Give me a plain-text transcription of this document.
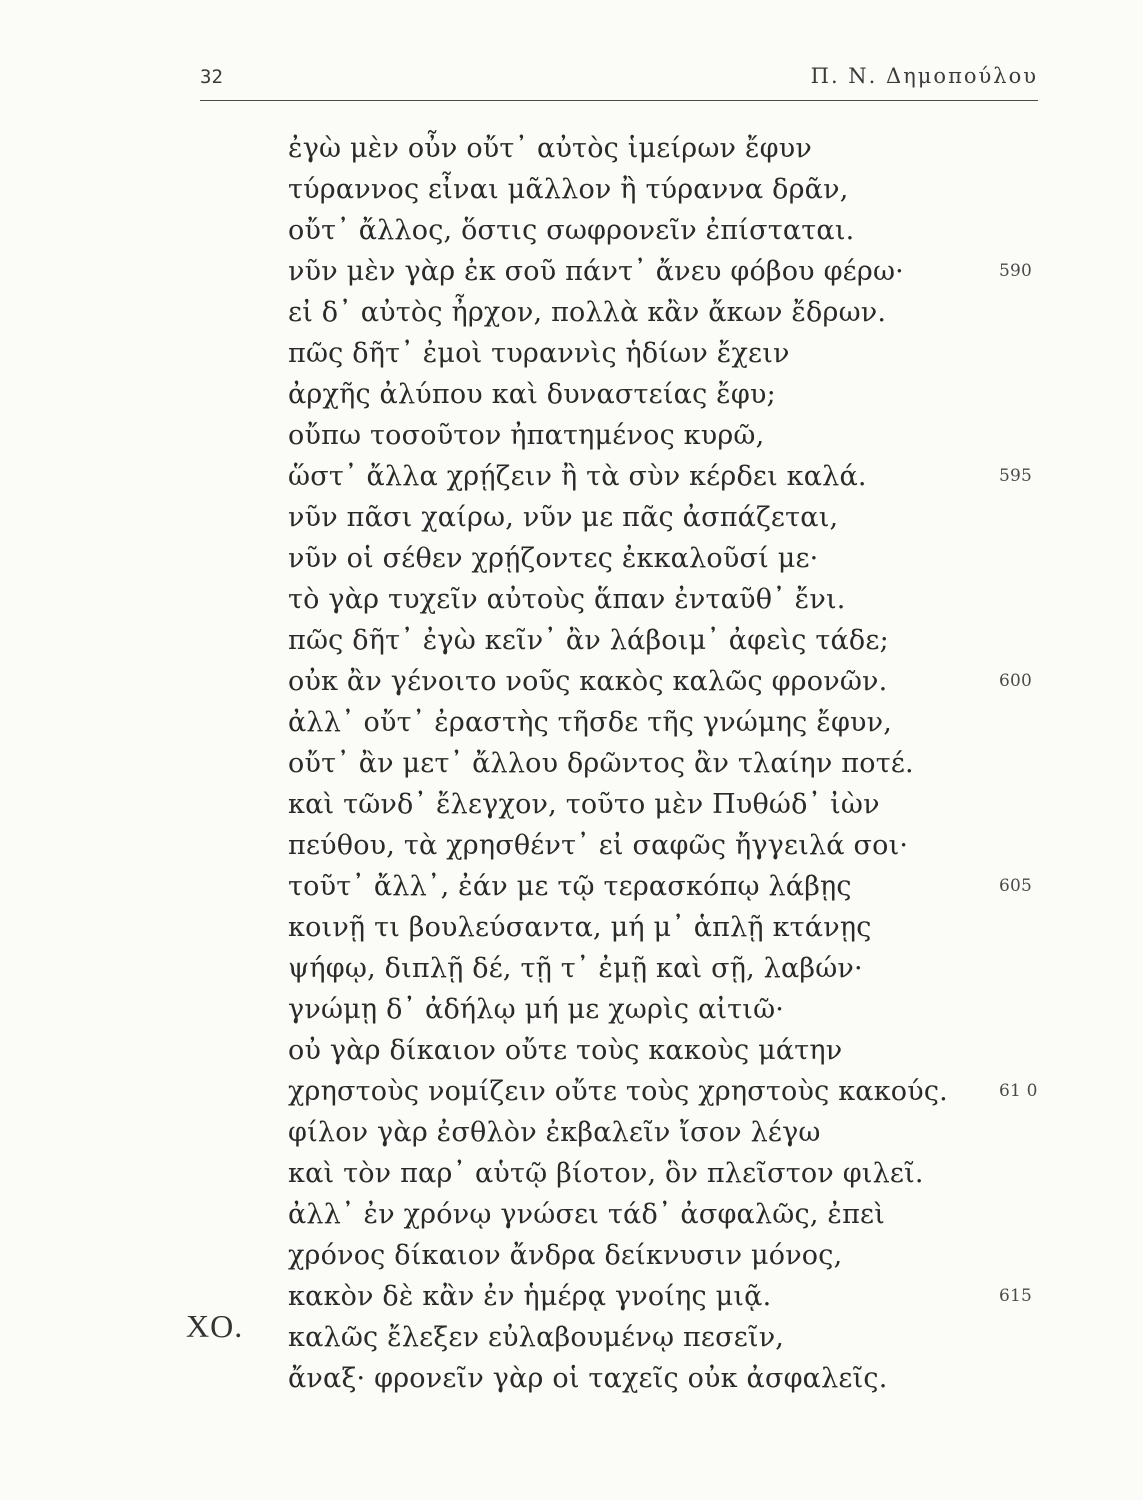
32	Π. Ν. Δημοπούλου
ΧΟ.
ἐγὼ μὲν οὖν οὔτ᾽ αὐτὸς ἱμείρων ἔφυν
τύραννος εἶναι μᾶλλον ἢ τύραννα δρᾶν,
οὔτ᾽ ἄλλος, ὅστις σωφρονεῖν ἐπίσταται.
νῦν μὲν γὰρ ἐκ σοῦ πάντ᾽ ἄνευ φόβου φέρω·	590
εἰ δ᾽ αὐτὸς ἦρχον, πολλὰ κἂν ἄκων ἔδρων.
πῶς δῆτ᾽ ἐμοὶ τυραννὶς ἡδίων ἔχειν
ἀρχῆς ἀλύπου καὶ δυναστείας ἔφυ;
οὔπω τοσοῦτον ἠπατημένος κυρῶ,
ὥστ᾽ ἄλλα χρῄζειν ἢ τὰ σὺν κέρδει καλά.	595
νῦν πᾶσι χαίρω, νῦν με πᾶς ἀσπάζεται,
νῦν οἱ σέθεν χρῄζοντες ἐκκαλοῦσί με·
τὸ γὰρ τυχεῖν αὐτοὺς ἅπαν ἐνταῦθ᾽ ἔνι.
πῶς δῆτ᾽ ἐγὼ κεῖν᾽ ἂν λάβοιμ᾽ ἀφεὶς τάδε;
οὐκ ἂν γένοιτο νοῦς κακὸς καλῶς φρονῶν.	600
ἀλλ᾽ οὔτ᾽ ἐραστὴς τῆσδε τῆς γνώμης ἔφυν,
οὔτ᾽ ἂν μετ᾽ ἄλλου δρῶντος ἂν τλαίην ποτέ.
καὶ τῶνδ᾽ ἔλεγχον, τοῦτο μὲν Πυθώδ᾽ ἰὼν
πεύθου, τὰ χρησθέντ᾽ εἰ σαφῶς ἤγγειλά σοι·
τοῦτ᾽ ἄλλ᾽, ἐάν με τῷ τερασκόπῳ λάβῃς	605
κοινῇ τι βουλεύσαντα, μή μ᾽ ἁπλῇ κτάνῃς
ψήφῳ, διπλῇ δέ, τῇ τ᾽ ἐμῇ καὶ σῇ, λαβών·
γνώμῃ δ᾽ ἀδήλῳ μή με χωρὶς αἰτιῶ·
οὐ γὰρ δίκαιον οὔτε τοὺς κακοὺς μάτην
χρηστοὺς νομίζειν οὔτε τοὺς χρηστοὺς κακούς.	61 0
φίλον γὰρ ἐσθλὸν ἐκβαλεῖν ἴσον λέγω
καὶ τὸν παρ᾽ αὑτῷ βίοτον, ὃν πλεῖστον φιλεῖ.
ἀλλ᾽ ἐν χρόνῳ γνώσει τάδ᾽ ἀσφαλῶς, ἐπεὶ
χρόνος δίκαιον ἄνδρα δείκνυσιν μόνος,
κακὸν δὲ κἂν ἐν ἡμέρᾳ γνοίης μιᾷ.	615
καλῶς ἔλεξεν εὐλαβουμένῳ πεσεῖν,
ἄναξ· φρονεῖν γὰρ οἱ ταχεῖς οὐκ ἀσφαλεῖς.
